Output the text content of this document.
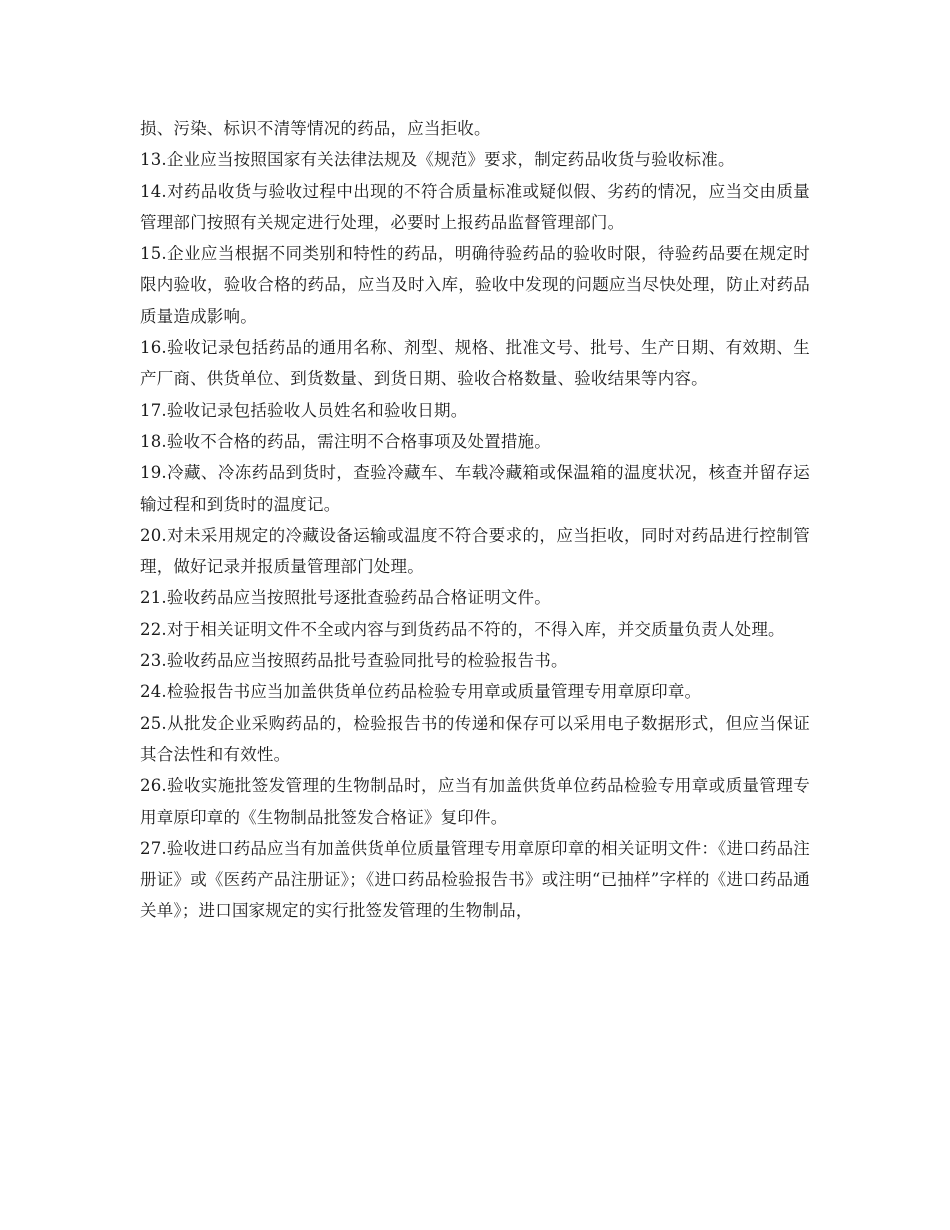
损、污染、标识不清等情况的药品，应当拒收。

13.企业应当按照国家有关法律法规及《规范》要求，制定药品收货与验收标准。

14.对药品收货与验收过程中出现的不符合质量标准或疑似假、劣药的情况，应当交由质量管理部门按照有关规定进行处理，必要时上报药品监督管理部门。

15.企业应当根据不同类别和特性的药品，明确待验药品的验收时限，待验药品要在规定时限内验收，验收合格的药品，应当及时入库，验收中发现的问题应当尽快处理，防止对药品质量造成影响。

16.验收记录包括药品的通用名称、剂型、规格、批准文号、批号、生产日期、有效期、生产厂商、供货单位、到货数量、到货日期、验收合格数量、验收结果等内容。

17.验收记录包括验收人员姓名和验收日期。

18.验收不合格的药品，需注明不合格事项及处置措施。

19.冷藏、冷冻药品到货时，查验冷藏车、车载冷藏箱或保温箱的温度状况，核查并留存运输过程和到货时的温度记。

20.对未采用规定的冷藏设备运输或温度不符合要求的，应当拒收，同时对药品进行控制管理，做好记录并报质量管理部门处理。

21.验收药品应当按照批号逐批查验药品合格证明文件。

22.对于相关证明文件不全或内容与到货药品不符的，不得入库，并交质量负责人处理。

23.验收药品应当按照药品批号查验同批号的检验报告书。

24.检验报告书应当加盖供货单位药品检验专用章或质量管理专用章原印章。

25.从批发企业采购药品的，检验报告书的传递和保存可以采用电子数据形式，但应当保证其合法性和有效性。

26.验收实施批签发管理的生物制品时，应当有加盖供货单位药品检验专用章或质量管理专用章原印章的《生物制品批签发合格证》复印件。

27.验收进口药品应当有加盖供货单位质量管理专用章原印章的相关证明文件：《进口药品注册证》或《医药产品注册证》；《进口药品检验报告书》或注明“已抽样”字样的《进口药品通关单》；进口国家规定的实行批签发管理的生物制品，
